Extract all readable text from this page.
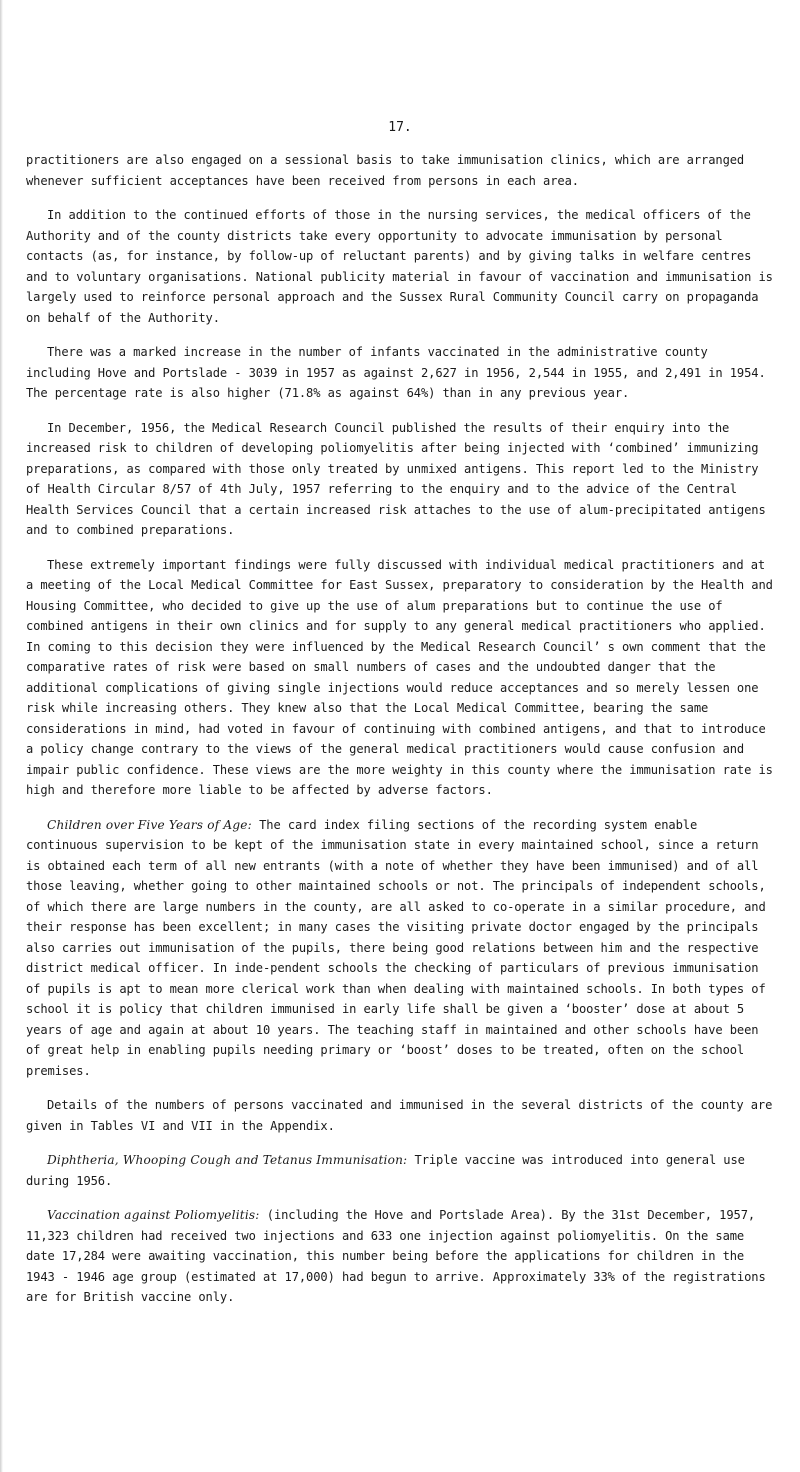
17.

practitioners are also engaged on a sessional basis to take immunisation clinics, which are arranged whenever sufficient acceptances have been received from persons in each area.

In addition to the continued efforts of those in the nursing services, the medical officers of the Authority and of the county districts take every opportunity to advocate immunisation by personal contacts (as, for instance, by follow-up of reluctant parents) and by giving talks in welfare centres and to voluntary organisations. National publicity material in favour of vaccination and immunisation is largely used to reinforce personal approach and the Sussex Rural Community Council carry on propaganda on behalf of the Authority.

There was a marked increase in the number of infants vaccinated in the administrative county including Hove and Portslade - 3039 in 1957 as against 2,627 in 1956, 2,544 in 1955, and 2,491 in 1954. The percentage rate is also higher (71.8% as against 64%) than in any previous year.

In December, 1956, the Medical Research Council published the results of their enquiry into the increased risk to children of developing poliomyelitis after being injected with ‘combined’ immunizing preparations, as compared with those only treated by unmixed antigens. This report led to the Ministry of Health Circular 8/57 of 4th July, 1957 referring to the enquiry and to the advice of the Central Health Services Council that a certain increased risk attaches to the use of alum-precipitated antigens and to combined preparations.

These extremely important findings were fully discussed with individual medical practitioners and at a meeting of the Local Medical Committee for East Sussex, preparatory to consideration by the Health and Housing Committee, who decided to give up the use of alum preparations but to continue the use of combined antigens in their own clinics and for supply to any general medical practitioners who applied. In coming to this decision they were influenced by the Medical Research Council’ s own comment that the comparative rates of risk were based on small numbers of cases and the undoubted danger that the additional complications of giving single injections would reduce acceptances and so merely lessen one risk while increasing others. They knew also that the Local Medical Committee, bearing the same considerations in mind, had voted in favour of continuing with combined antigens, and that to introduce a policy change contrary to the views of the general medical practitioners would cause confusion and impair public confidence. These views are the more weighty in this county where the immunisation rate is high and therefore more liable to be affected by adverse factors.

Children over Five Years of Age: The card index filing sections of the recording system enable continuous supervision to be kept of the immunisation state in every maintained school, since a return is obtained each term of all new entrants (with a note of whether they have been immunised) and of all those leaving, whether going to other maintained schools or not. The principals of independent schools, of which there are large numbers in the county, are all asked to co-operate in a similar procedure, and their response has been excellent; in many cases the visiting private doctor engaged by the principals also carries out immunisation of the pupils, there being good relations between him and the respective district medical officer. In inde-pendent schools the checking of particulars of previous immunisation of pupils is apt to mean more clerical work than when dealing with maintained schools. In both types of school it is policy that children immunised in early life shall be given a ‘booster’ dose at about 5 years of age and again at about 10 years. The teaching staff in maintained and other schools have been of great help in enabling pupils needing primary or ‘boost’ doses to be treated, often on the school premises.

Details of the numbers of persons vaccinated and immunised in the several districts of the county are given in Tables VI and VII in the Appendix.

Diphtheria, Whooping Cough and Tetanus Immunisation: Triple vaccine was introduced into general use during 1956.

Vaccination against Poliomyelitis: (including the Hove and Portslade Area). By the 31st December, 1957, 11,323 children had received two injections and 633 one injection against poliomyelitis. On the same date 17,284 were awaiting vaccination, this number being before the applications for children in the 1943 - 1946 age group (estimated at 17,000) had begun to arrive. Approximately 33% of the registrations are for British vaccine only.
